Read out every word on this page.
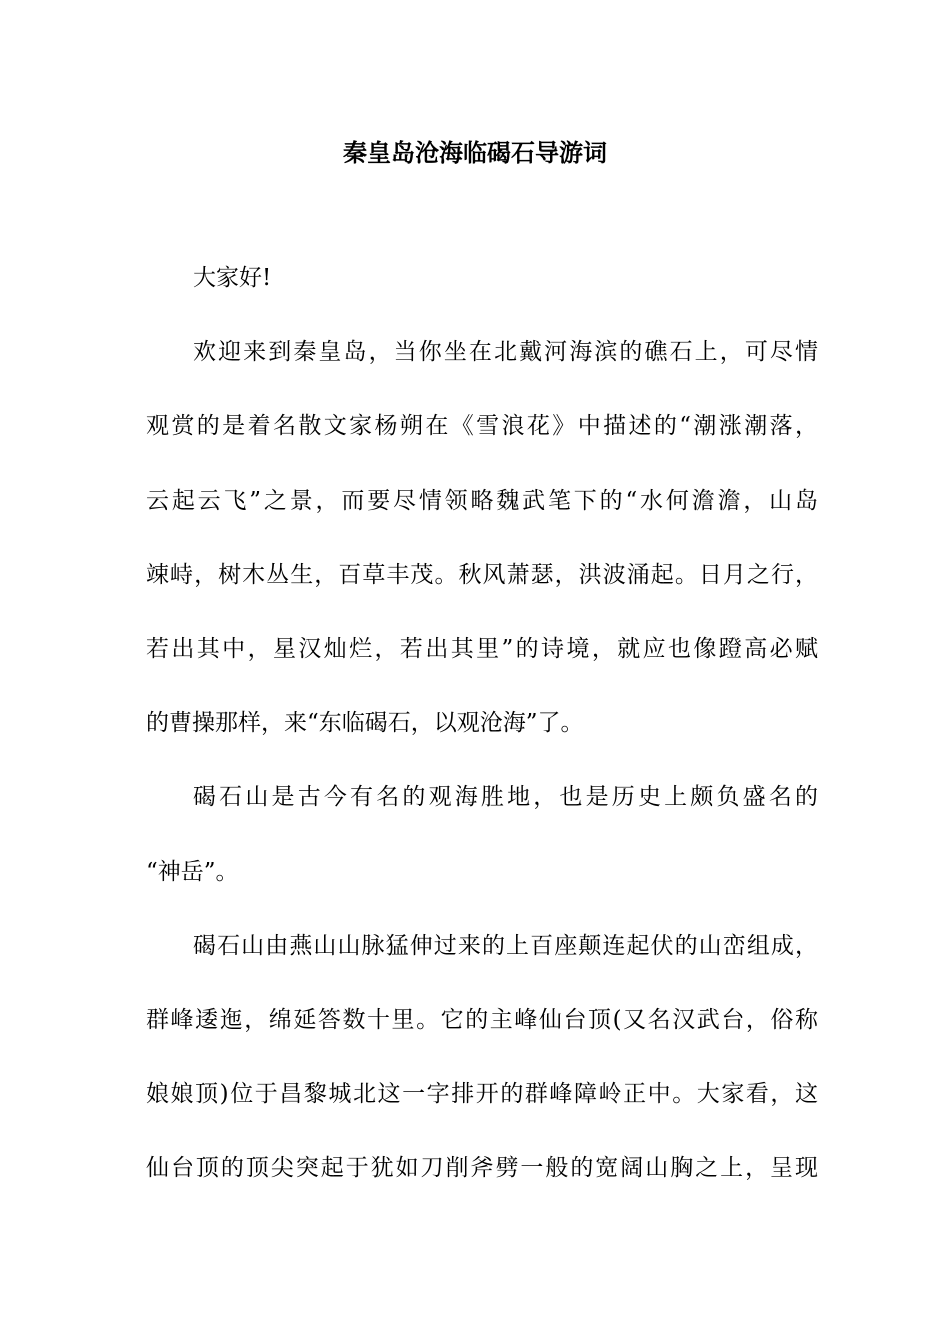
秦皇岛沧海临碣石导游词

大家好!

欢迎来到秦皇岛，当你坐在北戴河海滨的礁石上，可尽情

观赏的是着名散文家杨朔在《雪浪花》中描述的“潮涨潮落，

云起云飞”之景，而要尽情领略魏武笔下的“水何澹澹，山岛

竦峙，树木丛生，百草丰茂。秋风萧瑟，洪波涌起。日月之行，

若出其中，星汉灿烂，若出其里”的诗境，就应也像蹬高必赋

的曹操那样，来“东临碣石，以观沧海”了。

碣石山是古今有名的观海胜地，也是历史上颇负盛名的

“神岳”。

碣石山由燕山山脉猛伸过来的上百座颠连起伏的山峦组成，

群峰逶迤，绵延答数十里。它的主峰仙台顶(又名汉武台，俗称

娘娘顶)位于昌黎城北这一字排开的群峰障岭正中。大家看，这

仙台顶的顶尖突起于犹如刀削斧劈一般的宽阔山胸之上，呈现
